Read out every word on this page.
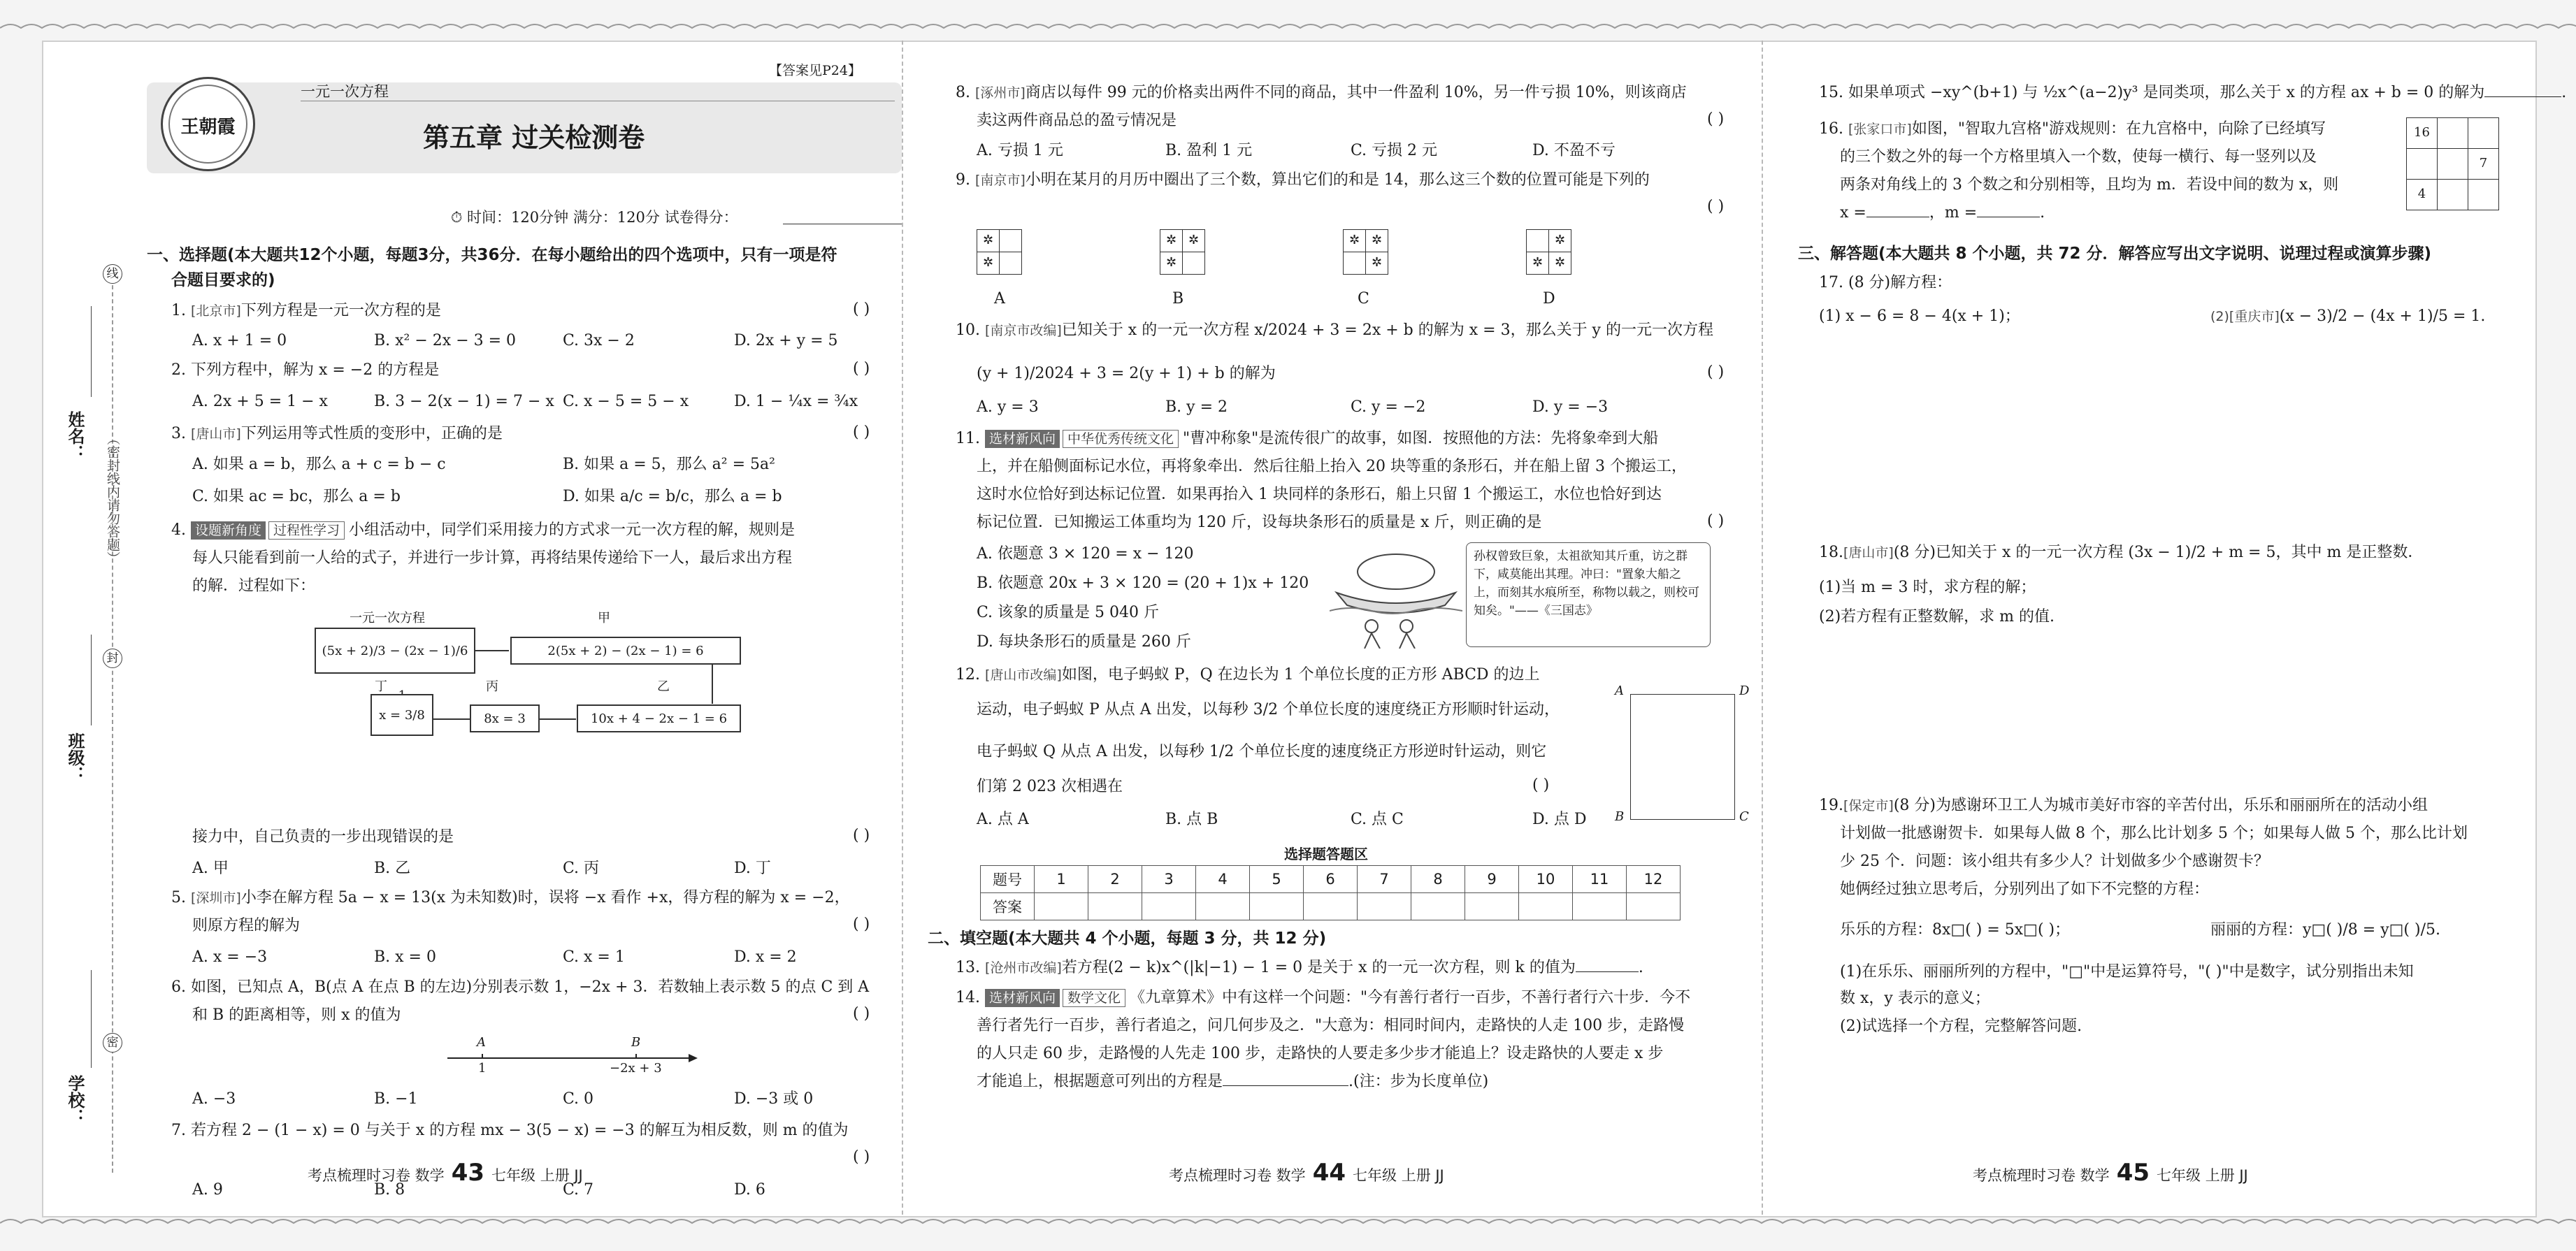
姓名：
班级：
学校：
线
封
密
（密封线内请勿答题）
王朝霞
一元一次方程
【答案见P24】
第五章 过关检测卷
⏱ 时间：120分钟 满分：120分 试卷得分：
一、选择题(本大题共12个小题，每题3分，共36分．在每小题给出的四个选项中，只有一项是符
合题目要求的)
1. [北京市]下列方程是一元一次方程的是	( )
A. x + 1 = 0	B. x² − 2x − 3 = 0	C. 3x − 2	D. 2x + y = 5
2. 下列方程中，解为 x = −2 的方程是	( )
A. 2x + 5 = 1 − x	B. 3 − 2(x − 1) = 7 − x C. x − 5 = 5 − x	D. 1 − ¼x = ¾x
3. [唐山市]下列运用等式性质的变形中，正确的是	( )
A. 如果 a = b，那么 a + c = b − c	B. 如果 a = 5，那么 a² = 5a²
C. 如果 ac = bc，那么 a = b	D. 如果 a/c = b/c，那么 a = b
4. 设题新角度 过程性学习 小组活动中，同学们采用接力的方式求一元一次方程的解，规则是
每人只能看到前一人给的式子，并进行一步计算，再将结果传递给下一人，最后求出方程
的解．过程如下：
一元一次方程	甲
(5x + 2)/3 − (2x − 1)/6	2(5x + 2) − (2x − 1) = 6
丁	丙	乙
x = 3/8	8x = 3	10x + 4 − 2x − 1 = 6
接力中，自己负责的一步出现错误的是	( )
A. 甲	B. 乙	C. 丙	D. 丁
5. [深圳市]小李在解方程 5a − x = 13(x 为未知数)时，误将 −x 看作 +x，得方程的解为 x = −2，
则原方程的解为	( )
A. x = −3	B. x = 0	C. x = 1	D. x = 2
6. 如图，已知点 A，B(点 A 在点 B 的左边)分别表示数 1，−2x + 3．若数轴上表示数 5 的点 C 到 A
和 B 的距离相等，则 x 的值为	( )
A	B
1	−2x + 3
A. −3	B. −1	C. 0	D. −3 或 0
7. 若方程 2 − (1 − x) = 0 与关于 x 的方程 mx − 3(5 − x) = −3 的解互为相反数，则 m 的值为
( )
A. 9	B. 8	C. 7	D. 6
考点梳理时习卷 数学 43 七年级 上册 JJ
8. [涿州市]商店以每件 99 元的价格卖出两件不同的商品，其中一件盈利 10%，另一件亏损 10%，则该商店
卖这两件商品总的盈亏情况是	( )
A. 亏损 1 元	B. 盈利 1 元	C. 亏损 2 元	D. 不盈不亏
9. [南京市]小明在某月的月历中圈出了三个数，算出它们的和是 14，那么这三个数的位置可能是下列的
( )
✲
✲
✲ ✲
✲
✲ ✲
✲
✲
✲ ✲
A	B	C	D
10. [南京市改编]已知关于 x 的一元一次方程 x/2024 + 3 = 2x + b 的解为 x = 3，那么关于 y 的一元一次方程
(y + 1)/2024 + 3 = 2(y + 1) + b 的解为	( )
A. y = 3	B. y = 2	C. y = −2	D. y = −3
11. 选材新风向 中华优秀传统文化 "曹冲称象"是流传很广的故事，如图．按照他的方法：先将象牵到大船
上，并在船侧面标记水位，再将象牵出．然后往船上抬入 20 块等重的条形石，并在船上留 3 个搬运工，
这时水位恰好到达标记位置．如果再抬入 1 块同样的条形石，船上只留 1 个搬运工，水位也恰好到达
标记位置．已知搬运工体重均为 120 斤，设每块条形石的质量是 x 斤，则正确的是	( )
A. 依题意 3 × 120 = x − 120
B. 依题意 20x + 3 × 120 = (20 + 1)x + 120
C. 该象的质量是 5 040 斤
D. 每块条形石的质量是 260 斤
孙权曾致巨象，太祖欲知其斤重，访之群下，咸莫能出其理。冲曰："置象大船之上，而刻其水痕所至，称物以载之，则校可知矣。"——《三国志》
12. [唐山市改编]如图，电子蚂蚁 P，Q 在边长为 1 个单位长度的正方形 ABCD 的边上
运动，电子蚂蚁 P 从点 A 出发，以每秒 3/2 个单位长度的速度绕正方形顺时针运动，
电子蚂蚁 Q 从点 A 出发，以每秒 1/2 个单位长度的速度绕正方形逆时针运动，则它
们第 2 023 次相遇在	( )
A	D
B	C
A. 点 A	B. 点 B	C. 点 C	D. 点 D
选择题答题区
题号	1	2	3	4	5	6	7	8	9	10	11	12
答案												
二、填空题(本大题共 4 个小题，每题 3 分，共 12 分)
13. [沧州市改编]若方程(2 − k)x^(|k|−1) − 1 = 0 是关于 x 的一元一次方程，则 k 的值为	.
14. 选材新风向 数学文化 《九章算术》中有这样一个问题："今有善行者行一百步，不善行者行六十步．今不
善行者先行一百步，善行者追之，问几何步及之．"大意为：相同时间内，走路快的人走 100 步，走路慢
的人只走 60 步，走路慢的人先走 100 步，走路快的人要走多少步才能追上？设走路快的人要走 x 步
才能追上，根据题意可列出的方程是	.(注：步为长度单位)
考点梳理时习卷 数学 44 七年级 上册 JJ
15. 如果单项式 −xy^(b+1) 与 ½x^(a−2)y³ 是同类项，那么关于 x 的方程 ax + b = 0 的解为	.
16. [张家口市]如图，"智取九宫格"游戏规则：在九宫格中，向除了已经填写
的三个数之外的每一个方格里填入一个数，使每一横行、每一竖列以及
两条对角线上的 3 个数之和分别相等，且均为 m．若设中间的数为 x，则
x =	，m =	.
16
7
4
三、解答题(本大题共 8 个小题，共 72 分．解答应写出文字说明、说理过程或演算步骤)
17. (8 分)解方程：
(1) x − 6 = 8 − 4(x + 1)；	(2)[重庆市](x − 3)/2 − (4x + 1)/5 = 1.
18.[唐山市](8 分)已知关于 x 的一元一次方程 (3x − 1)/2 + m = 5，其中 m 是正整数．
(1)当 m = 3 时，求方程的解；
(2)若方程有正整数解，求 m 的值.
19.[保定市](8 分)为感谢环卫工人为城市美好市容的辛苦付出，乐乐和丽丽所在的活动小组
计划做一批感谢贺卡．如果每人做 8 个，那么比计划多 5 个；如果每人做 5 个，那么比计划
少 25 个．问题：该小组共有多少人？计划做多少个感谢贺卡？
她俩经过独立思考后，分别列出了如下不完整的方程：
乐乐的方程：8x□( ) = 5x□( )；	丽丽的方程：y□( )/8 = y□( )/5.
(1)在乐乐、丽丽所列的方程中，"□"中是运算符号，"( )"中是数字，试分别指出未知
数 x，y 表示的意义；
(2)试选择一个方程，完整解答问题.
考点梳理时习卷 数学 45 七年级 上册 JJ
